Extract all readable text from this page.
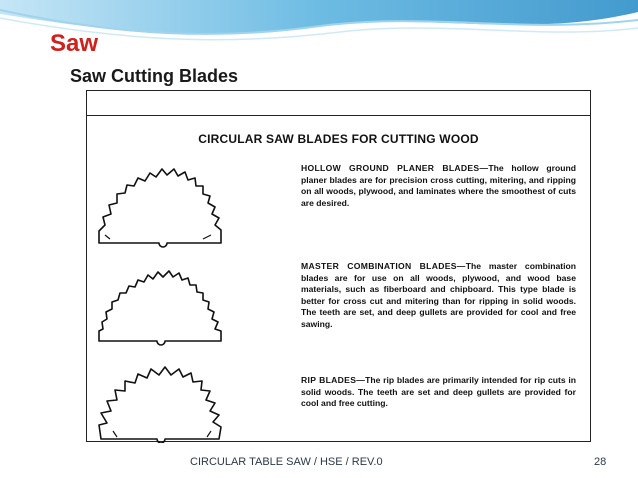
Saw
Saw Cutting Blades
CIRCULAR SAW BLADES FOR CUTTING WOOD
HOLLOW GROUND PLANER BLADES—The hollow ground planer blades are for precision cross cutting, mitering, and ripping on all woods, plywood, and laminates where the smoothest of cuts are desired.
MASTER COMBINATION BLADES—The master combination blades are for use on all woods, plywood, and wood base materials, such as fiberboard and chipboard. This type blade is better for cross cut and mitering than for ripping in solid woods. The teeth are set, and deep gullets are provided for cool and free sawing.
RIP BLADES—The rip blades are primarily intended for rip cuts in solid woods. The teeth are set and deep gullets are provided for cool and free cutting.
CIRCULAR TABLE SAW / HSE / REV.0	28
